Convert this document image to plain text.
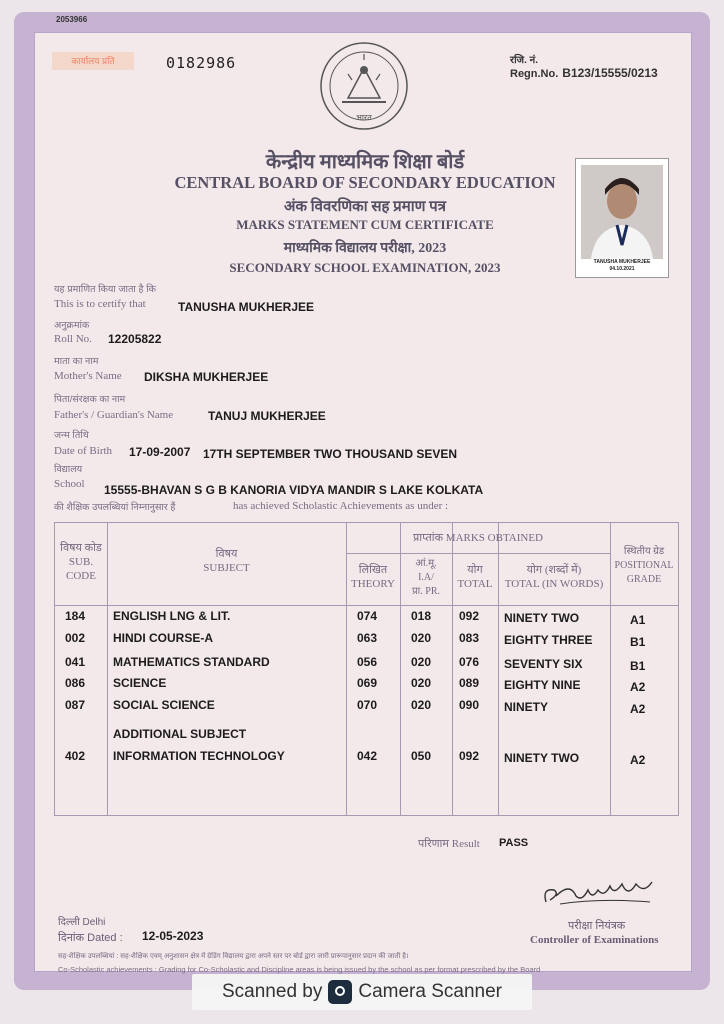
2053966
कार्यालय प्रति	0182986	रजि. नं.
Regn.No. B123/15555/0213
भारत
केन्द्रीय माध्यमिक शिक्षा बोर्ड
CENTRAL BOARD OF SECONDARY EDUCATION
अंक विवरणिका सह प्रमाण पत्र
MARKS STATEMENT CUM CERTIFICATE
माध्यमिक विद्यालय परीक्षा, 2023
SECONDARY SCHOOL EXAMINATION, 2023	TANUSHA MUKHERJEE
04.10.2021
यह प्रमाणित किया जाता है कि
This is to certify that	TANUSHA MUKHERJEE
अनुक्रमांक
Roll No. 12205822
माता का नाम
Mother's Name DIKSHA MUKHERJEE
पिता/संरक्षक का नाम
Father's / Guardian's Name	TANUJ MUKHERJEE
जन्म तिथि
Date of Birth 17-09-2007 17TH SEPTEMBER TWO THOUSAND SEVEN
विद्यालय
School 15555-BHAVAN S G B KANORIA VIDYA MANDIR S LAKE KOLKATA
की शैक्षिक उपलब्धियां निम्नानुसार हैं	has achieved Scholastic Achievements as under :
विषय कोड
SUB. CODE
विषय
SUBJECT
प्राप्तांक MARKS OBTAINED
लिखित
THEORY
आं.मू.
I.A/
प्रा. PR.
योग
TOTAL
योग (शब्दों में)
TOTAL (IN WORDS)
स्थितीय ग्रेड
POSITIONAL GRADE
184 ENGLISH LNG & LIT.	074	018 092 NINETY TWO	A1
002 HINDI COURSE-A	063	020 083 EIGHTY THREE	B1
041 MATHEMATICS STANDARD	056	020 076 SEVENTY SIX	B1
086 SCIENCE	069	020 089 EIGHTY NINE	A2
087 SOCIAL SCIENCE	070	020 090 NINETY	A2
ADDITIONAL SUBJECT
402 INFORMATION TECHNOLOGY	042	050 092 NINETY TWO	A2
परिणाम Result PASS
परीक्षा नियंत्रक
Controller of Examinations
दिल्ली Delhi
दिनांक Dated : 12-05-2023
सह-शैक्षिक उपलब्धियां : सह-शैक्षिक एवम् अनुशासन क्षेत्र में ग्रेडिंग विद्यालय द्वारा अपने स्तर पर बोर्ड द्वारा जारी प्रारूपानुसार प्रदान की जाती है।
Co-Scholastic achievements : Grading for Co-Scholastic and Discipline areas is being issued by the school as per format prescribed by the Board
Scanned by Camera Scanner
